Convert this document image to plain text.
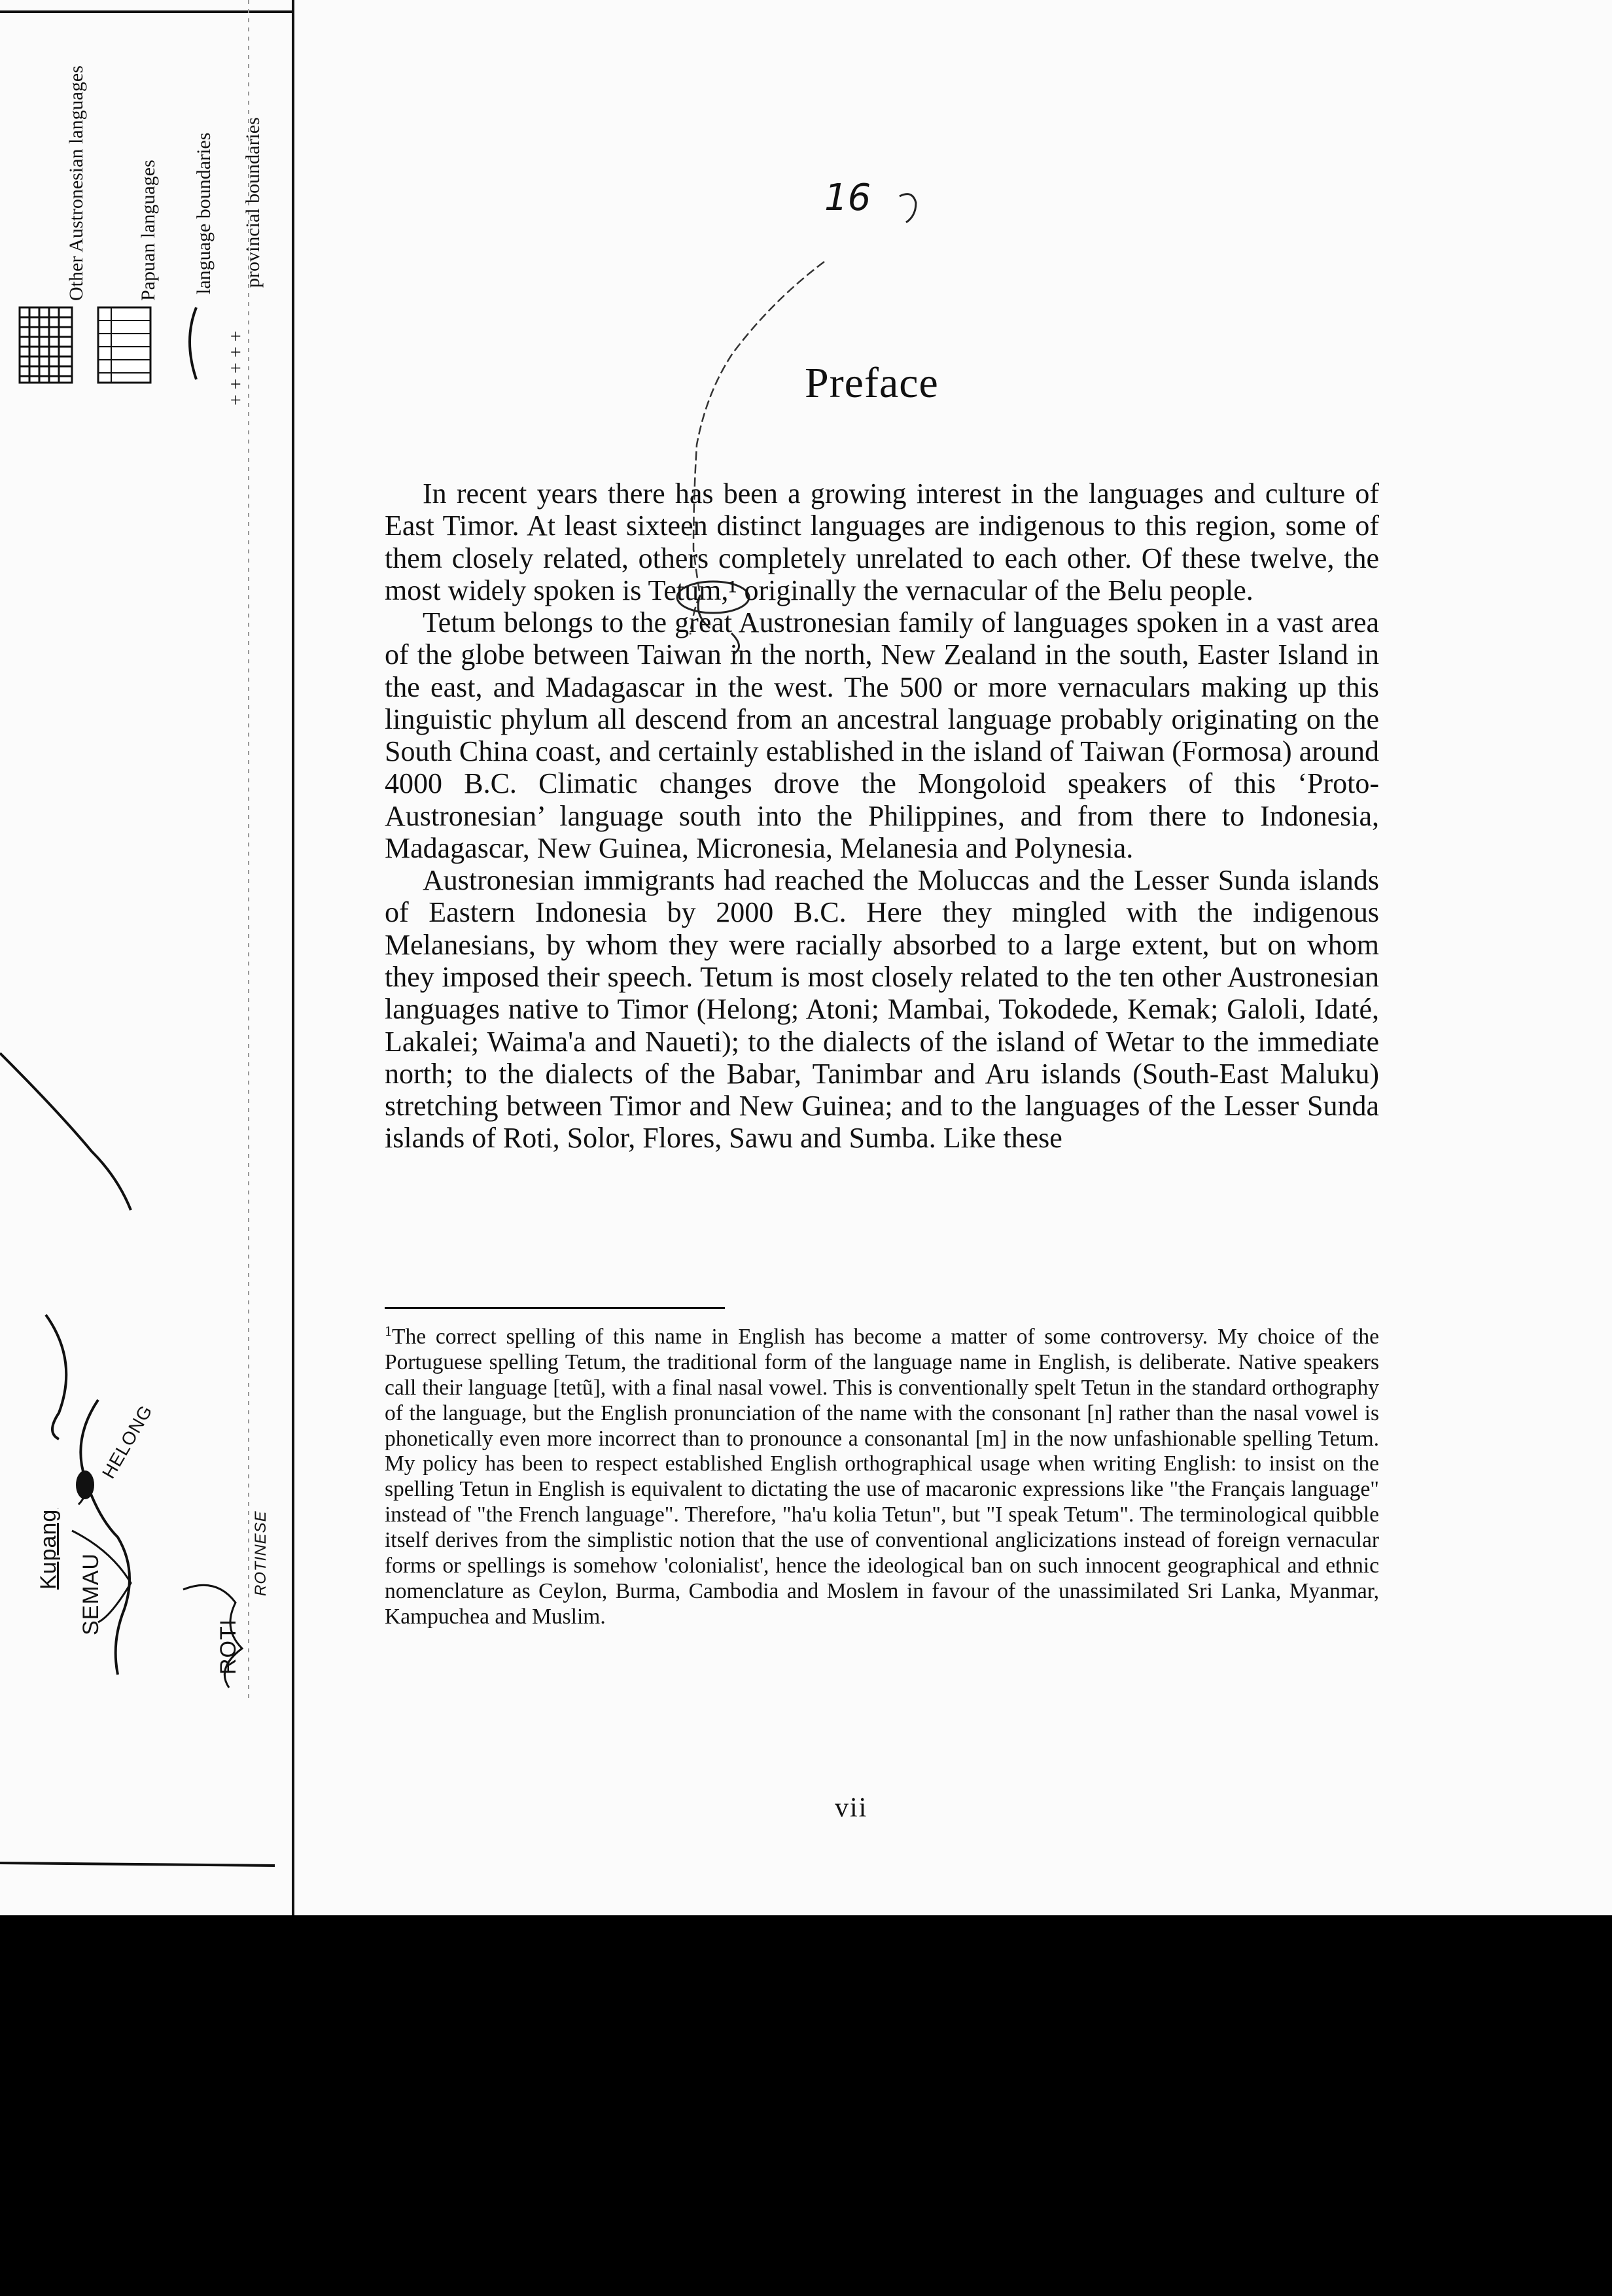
+ + + + +
Other Austronesian languages	Papuan languages language boundaries provincial boundaries
Kupang
SEMAU
HELONG
ROTI
ROTINESE
16
Preface

In recent years there has been a growing interest in the languages and culture of East Timor. At least sixteen distinct languages are indigenous to this region, some of them closely related, others completely unrelated to each other. Of these twelve, the most widely spoken is Tetum,¹ originally the vernacular of the Belu people.

Tetum belongs to the great Austronesian family of languages spoken in a vast area of the globe between Taiwan in the north, New Zealand in the south, Easter Island in the east, and Madagascar in the west. The 500 or more vernaculars making up this linguistic phylum all descend from an ancestral language probably originating on the South China coast, and certainly established in the island of Taiwan (Formosa) around 4000 B.C. Climatic changes drove the Mongoloid speakers of this ‘Proto-Austronesian’ language south into the Philippines, and from there to Indonesia, Madagascar, New Guinea, Micronesia, Melanesia and Polynesia.

Austronesian immigrants had reached the Moluccas and the Lesser Sunda islands of Eastern Indonesia by 2000 B.C. Here they mingled with the indigenous Melanesians, by whom they were racially absorbed to a large extent, but on whom they imposed their speech. Tetum is most closely related to the ten other Austronesian languages native to Timor (Helong; Atoni; Mambai, Tokodede, Kemak; Galoli, Idaté, Lakalei; Waima'a and Naueti); to the dialects of the island of Wetar to the immediate north; to the dialects of the Babar, Tanimbar and Aru islands (South-East Maluku) stretching between Timor and New Guinea; and to the languages of the Lesser Sunda islands of Roti, Solor, Flores, Sawu and Sumba. Like these

$^1$The correct spelling of this name in English has become a matter of some controversy. My choice of the Portuguese spelling Tetum, the traditional form of the language name in English, is deliberate. Native speakers call their language [tetũ], with a final nasal vowel. This is conventionally spelt Tetun in the standard orthography of the language, but the English pronunciation of the name with the consonant [n] rather than the nasal vowel is phonetically even more incorrect than to pronounce a consonantal [m] in the now unfashionable spelling Tetum. My policy has been to respect established English orthographical usage when writing English: to insist on the spelling Tetun in English is equivalent to dictating the use of macaronic expressions like "the Français language" instead of "the French language". Therefore, "ha'u kolia Tetun", but "I speak Tetum". The terminological quibble itself derives from the simplistic notion that the use of conventional anglicizations instead of foreign vernacular forms or spellings is somehow 'colonialist', hence the ideological ban on such innocent geographical and ethnic nomenclature as Ceylon, Burma, Cambodia and Moslem in favour of the unassimilated Sri Lanka, Myanmar, Kampuchea and Muslim.
vii
